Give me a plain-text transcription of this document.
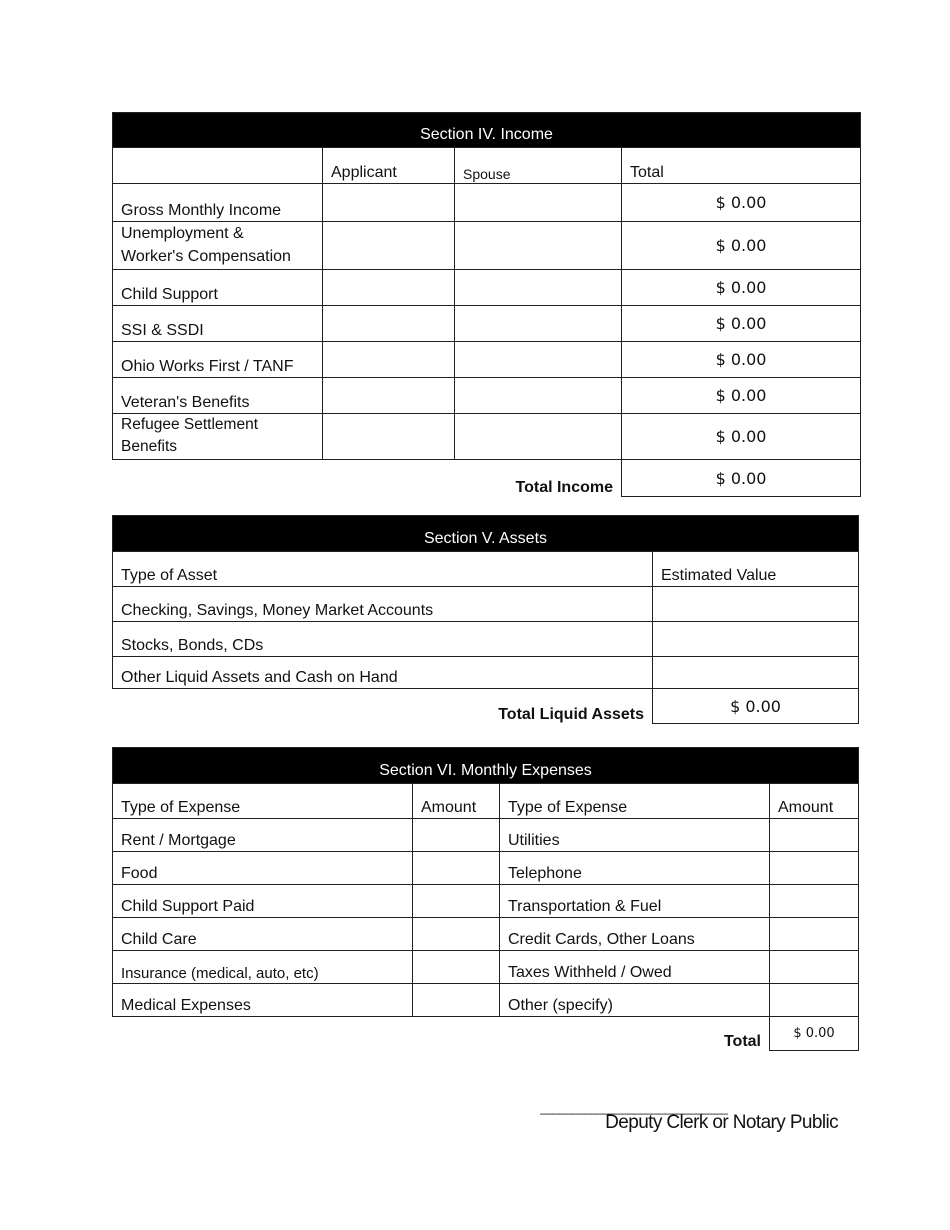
Section IV. Income			
	Applicant	Spouse	Total
Gross Monthly Income			$ 0.00
Unemployment &
Worker's Compensation			$ 0.00
Child Support			$ 0.00
SSI & SSDI			$ 0.00
Ohio Works First / TANF			$ 0.00
Veteran's Benefits			$ 0.00
Refugee Settlement
Benefits			$ 0.00
Total Income			$ 0.00
Section V. Assets	
Type of Asset	Estimated Value
Checking, Savings, Money Market Accounts	
Stocks, Bonds, CDs	
Other Liquid Assets and Cash on Hand	
Total Liquid Assets	$ 0.00
Section VI. Monthly Expenses			
Type of Expense	Amount	Type of Expense	Amount
Rent / Mortgage		Utilities	
Food		Telephone	
Child Support Paid		Transportation & Fuel	
Child Care		Credit Cards, Other Loans	
Insurance (medical, auto, etc)		Taxes Withheld / Owed	
Medical Expenses		Other (specify)	
Total			$ 0.00
______________________________
Deputy Clerk or Notary Public
